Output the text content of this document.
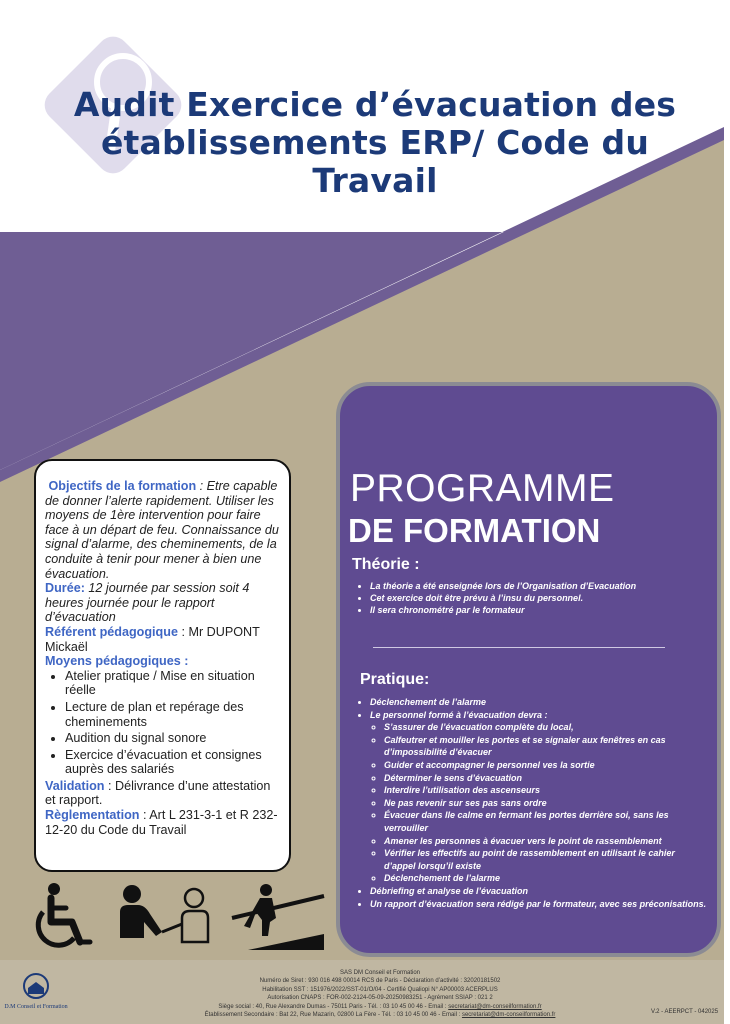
Audit Exercice d’évacuation des
établissements ERP/ Code du
Travail

Objectifs de la formation : Etre capable de donner l’alerte rapidement. Utiliser les moyens de 1ère intervention pour faire face à un départ de feu. Connaissance du signal d’alarme, des cheminements, de la conduite à tenir pour mener à bien une évacuation.

Durée: 12 journée par session soit 4 heures journée pour le rapport d’évacuation

Référent pédagogique : Mr DUPONT Mickaël

Moyens pédagogiques :

• Atelier pratique / Mise en situation réelle
• Lecture de plan et repérage des cheminements
• Audition du signal sonore
• Exercice d’évacuation et consignes auprès des salariés

Validation : Délivrance d’une attestation et rapport.

Règlementation : Art L 231-3-1 et R 232-12-20 du Code du Travail

PROGRAMME
DE FORMATION
Théorie :
• La théorie a été enseignée lors de l’Organisation d’Evacuation
• Cet exercice doit être prévu à l’insu du personnel.
• Il sera chronométré par le formateur
Pratique:
• Déclenchement de l’alarme
• Le personnel formé à l’évacuation devra :
◦ S’assurer de l’évacuation complète du local,
◦ Calfeutrer et mouiller les portes et se signaler aux fenêtres en cas d’impossibilité d’évacuer
◦ Guider et accompagner le personnel ves la sortie
◦ Déterminer le sens d’évacuation
◦ Interdire l’utilisation des ascenseurs
◦ Ne pas revenir sur ses pas sans ordre
◦ Évacuer dans lle calme en fermant les portes derrière soi, sans les verrouiller
◦ Amener les personnes à évacuer vers le point de rassemblement
◦ Vérifier les effectifs au point de rassemblement en utilisant le cahier d’appel lorsqu’il existe
◦ Déclenchement de l’alarme
• Débriefing et analyse de l’évacuation
• Un rapport d’évacuation sera rédigé par le formateur, avec ses préconisations.
D.M Conseil et Formation
SAS DM Conseil et Formation
Numéro de Siret : 930 016 498 00014 RCS de Paris - Déclaration d’activité : 32020181502
Habilitation SST : 151976/2022/SST-01/O/04 - Certifié Qualiopi N° AP00003 ACERPLUS
Autorisation CNAPS : FOR-002-2124-05-09-20250983251 - Agrément SSIAP : 021 2
Siège social : 40, Rue Alexandre Dumas - 75011 Paris - Tél. : 03 10 45 00 46 - Email : secretariat@dm-conseilformation.fr
Établissement Secondaire : Bat 22, Rue Mazarin, 02800 La Fère - Tél. : 03 10 45 00 46 - Email : secretariat@dm-conseilformation.fr
V.2 - AEERPCT - 042025
